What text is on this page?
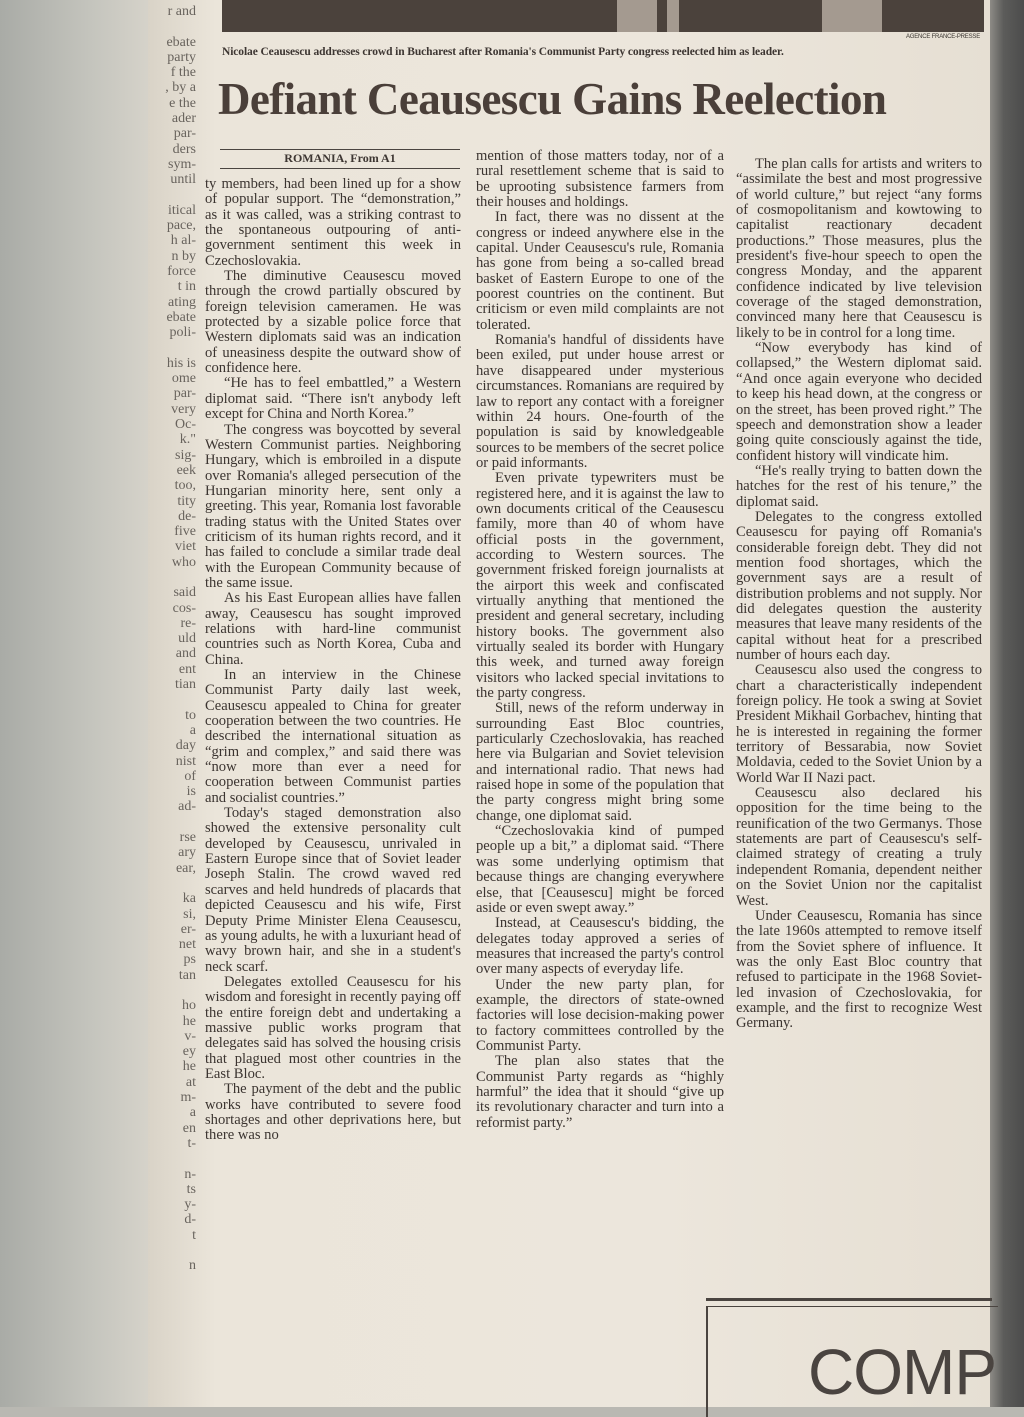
r and
ebate
party
f the
, by a
e the
ader
par-
ders
sym-
until
itical
pace,
h al-
n by
force
t in
ating
ebate
poli-
his is
ome
par-
very
Oc-
k."
sig-
eek
too,
tity
de-
five
viet
who
said
cos-
re-
uld
and
ent
tian
to
a
day
nist
of
is
ad-
rse
ary
ear,
ka
si,
er-
net
ps
tan
ho
he
v-
ey
he
at
m-
a
en
t-
n-
ts
y-
d-
t
n
AGENCE FRANCE-PRESSE
Nicolae Ceausescu addresses crowd in Bucharest after Romania's Communist Party congress reelected him as leader.
Defiant Ceausescu Gains Reelection
ROMANIA, From A1

ty members, had been lined up for a show of popular support. The “demonstration,” as it was called, was a striking contrast to the spontaneous outpouring of anti-government sentiment this week in Czechoslovakia.

The diminutive Ceausescu moved through the crowd partially obscured by foreign television cameramen. He was protected by a sizable police force that Western diplomats said was an indication of uneasiness despite the outward show of confidence here.

“He has to feel embattled,” a Western diplomat said. “There isn't anybody left except for China and North Korea.”

The congress was boycotted by several Western Communist parties. Neighboring Hungary, which is embroiled in a dispute over Romania's alleged persecution of the Hungarian minority here, sent only a greeting. This year, Romania lost favorable trading status with the United States over criticism of its human rights record, and it has failed to conclude a similar trade deal with the European Community because of the same issue.

As his East European allies have fallen away, Ceausescu has sought improved relations with hard-line communist countries such as North Korea, Cuba and China.

In an interview in the Chinese Communist Party daily last week, Ceausescu appealed to China for greater cooperation between the two countries. He described the international situation as “grim and complex,” and said there was “now more than ever a need for cooperation between Communist parties and socialist countries.”

Today's staged demonstration also showed the extensive personality cult developed by Ceausescu, unrivaled in Eastern Europe since that of Soviet leader Joseph Stalin. The crowd waved red scarves and held hundreds of placards that depicted Ceausescu and his wife, First Deputy Prime Minister Elena Ceausescu, as young adults, he with a luxuriant head of wavy brown hair, and she in a student's neck scarf.

Delegates extolled Ceausescu for his wisdom and foresight in recently paying off the entire foreign debt and undertaking a massive public works program that delegates said has solved the housing crisis that plagued most other countries in the East Bloc.

The payment of the debt and the public works have contributed to severe food shortages and other deprivations here, but there was no

mention of those matters today, nor of a rural resettlement scheme that is said to be uprooting subsistence farmers from their houses and holdings.

In fact, there was no dissent at the congress or indeed anywhere else in the capital. Under Ceausescu's rule, Romania has gone from being a so-called bread basket of Eastern Europe to one of the poorest countries on the continent. But criticism or even mild complaints are not tolerated.

Romania's handful of dissidents have been exiled, put under house arrest or have disappeared under mysterious circumstances. Romanians are required by law to report any contact with a foreigner within 24 hours. One-fourth of the population is said by knowledgeable sources to be members of the secret police or paid informants.

Even private typewriters must be registered here, and it is against the law to own documents critical of the Ceausescu family, more than 40 of whom have official posts in the government, according to Western sources. The government frisked foreign journalists at the airport this week and confiscated virtually anything that mentioned the president and general secretary, including history books. The government also virtually sealed its border with Hungary this week, and turned away foreign visitors who lacked special invitations to the party congress.

Still, news of the reform underway in surrounding East Bloc countries, particularly Czechoslovakia, has reached here via Bulgarian and Soviet television and international radio. That news had raised hope in some of the population that the party congress might bring some change, one diplomat said.

“Czechoslovakia kind of pumped people up a bit,” a diplomat said. “There was some underlying optimism that because things are changing everywhere else, that [Ceausescu] might be forced aside or even swept away.”

Instead, at Ceausescu's bidding, the delegates today approved a series of measures that increased the party's control over many aspects of everyday life.

Under the new party plan, for example, the directors of state-owned factories will lose decision-making power to factory committees controlled by the Communist Party.

The plan also states that the Communist Party regards as “highly harmful” the idea that it should “give up its revolutionary character and turn into a reformist party.”

The plan calls for artists and writers to “assimilate the best and most progressive of world culture,” but reject “any forms of cosmopolitanism and kowtowing to capitalist reactionary decadent productions.” Those measures, plus the president's five-hour speech to open the congress Monday, and the apparent confidence indicated by live television coverage of the staged demonstration, convinced many here that Ceausescu is likely to be in control for a long time.

“Now everybody has kind of collapsed,” the Western diplomat said. “And once again everyone who decided to keep his head down, at the congress or on the street, has been proved right.” The speech and demonstration show a leader going quite consciously against the tide, confident history will vindicate him.

“He's really trying to batten down the hatches for the rest of his tenure,” the diplomat said.

Delegates to the congress extolled Ceausescu for paying off Romania's considerable foreign debt. They did not mention food shortages, which the government says are a result of distribution problems and not supply. Nor did delegates question the austerity measures that leave many residents of the capital without heat for a prescribed number of hours each day.

Ceausescu also used the congress to chart a characteristically independent foreign policy. He took a swing at Soviet President Mikhail Gorbachev, hinting that he is interested in regaining the former territory of Bessarabia, now Soviet Moldavia, ceded to the Soviet Union by a World War II Nazi pact.

Ceausescu also declared his opposition for the time being to the reunification of the two Germanys. Those statements are part of Ceausescu's self-claimed strategy of creating a truly independent Romania, dependent neither on the Soviet Union nor the capitalist West.

Under Ceausescu, Romania has since the late 1960s attempted to remove itself from the Soviet sphere of influence. It was the only East Bloc country that refused to participate in the 1968 Soviet-led invasion of Czechoslovakia, for example, and the first to recognize West Germany.

COMP
